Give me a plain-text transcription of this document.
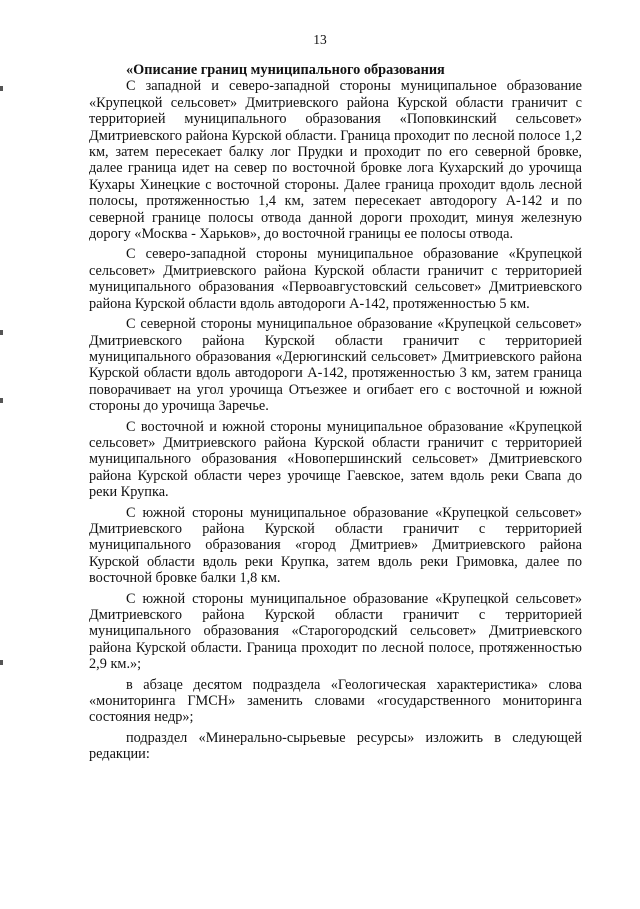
13

«Описание границ муниципального образования

С западной и северо-западной стороны муниципальное образование «Крупецкой сельсовет» Дмитриевского района Курской области граничит с территорией муниципального образования «Поповкинский сельсовет» Дмитриевского района Курской области. Граница проходит по лесной полосе 1,2 км, затем пересекает балку лог Прудки и проходит по его северной бровке, далее граница идет на север по восточной бровке лога Кухарский до урочища Кухары Хинецкие с восточной стороны. Далее граница проходит вдоль лесной полосы, протяженностью 1,4 км, затем пересекает автодорогу А-142 и по северной границе полосы отвода данной дороги проходит, минуя железную дорогу «Москва - Харьков», до восточной границы ее полосы отвода.

С северо-западной стороны муниципальное образование «Крупецкой сельсовет» Дмитриевского района Курской области граничит с территорией муниципального образования «Первоавгустовский сельсовет» Дмитриевского района Курской области вдоль автодороги А-142, протяженностью 5 км.

С северной стороны муниципальное образование «Крупецкой сельсовет» Дмитриевского района Курской области граничит с территорией муниципального образования «Дерюгинский сельсовет» Дмитриевского района Курской области вдоль автодороги А-142, протяженностью 3 км, затем граница поворачивает на угол урочища Отъезжее и огибает его с восточной и южной стороны до урочища Заречье.

С восточной и южной стороны муниципальное образование «Крупецкой сельсовет» Дмитриевского района Курской области граничит с территорией муниципального образования «Новопершинский сельсовет» Дмитриевского района Курской области через урочище Гаевское, затем вдоль реки Свапа до реки Крупка.

С южной стороны муниципальное образование «Крупецкой сельсовет» Дмитриевского района Курской области граничит с территорией муниципального образования «город Дмитриев» Дмитриевского района Курской области вдоль реки Крупка, затем вдоль реки Гримовка, далее по восточной бровке балки 1,8 км.

С южной стороны муниципальное образование «Крупецкой сельсовет» Дмитриевского района Курской области граничит с территорией муниципального образования «Старогородский сельсовет» Дмитриевского района Курской области. Граница проходит по лесной полосе, протяженностью 2,9 км.»;

в абзаце десятом подраздела «Геологическая характеристика» слова «мониторинга ГМСН» заменить словами «государственного мониторинга состояния недр»;

подраздел «Минерально-сырьевые ресурсы» изложить в следующей редакции:
